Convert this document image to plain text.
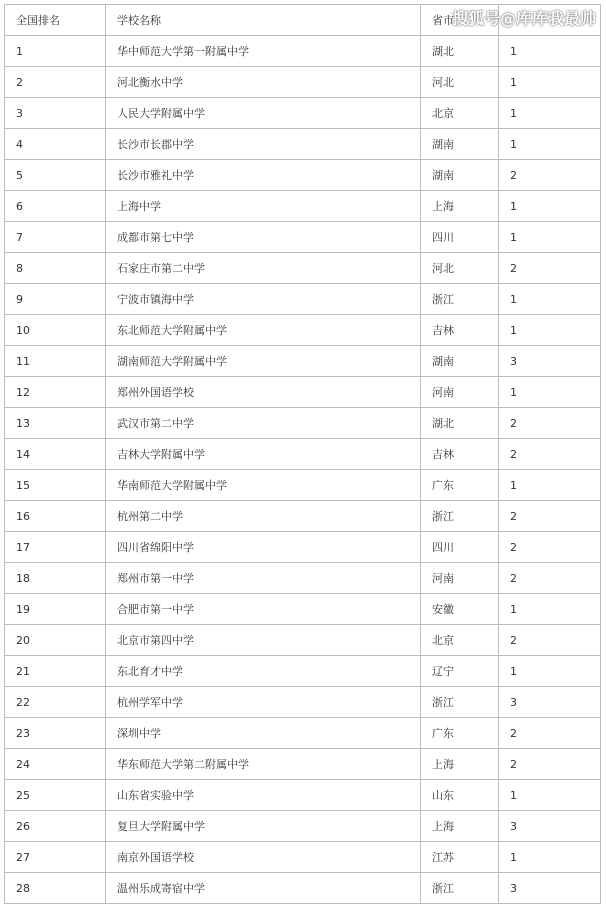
全国排名	学校名称	省市	
1	华中师范大学第一附属中学	湖北	1
2	河北衡水中学	河北	1
3	人民大学附属中学	北京	1
4	长沙市长郡中学	湖南	1
5	长沙市雅礼中学	湖南	2
6	上海中学	上海	1
7	成都市第七中学	四川	1
8	石家庄市第二中学	河北	2
9	宁波市镇海中学	浙江	1
10	东北师范大学附属中学	吉林	1
11	湖南师范大学附属中学	湖南	3
12	郑州外国语学校	河南	1
13	武汉市第二中学	湖北	2
14	吉林大学附属中学	吉林	2
15	华南师范大学附属中学	广东	1
16	杭州第二中学	浙江	2
17	四川省绵阳中学	四川	2
18	郑州市第一中学	河南	2
19	合肥市第一中学	安徽	1
20	北京市第四中学	北京	2
21	东北育才中学	辽宁	1
22	杭州学军中学	浙江	3
23	深圳中学	广东	2
24	华东师范大学第二附属中学	上海	2
25	山东省实验中学	山东	1
26	复旦大学附属中学	上海	3
27	南京外国语学校	江苏	1
28	温州乐成寄宿中学	浙江	3
搜狐号@库库我最帅
